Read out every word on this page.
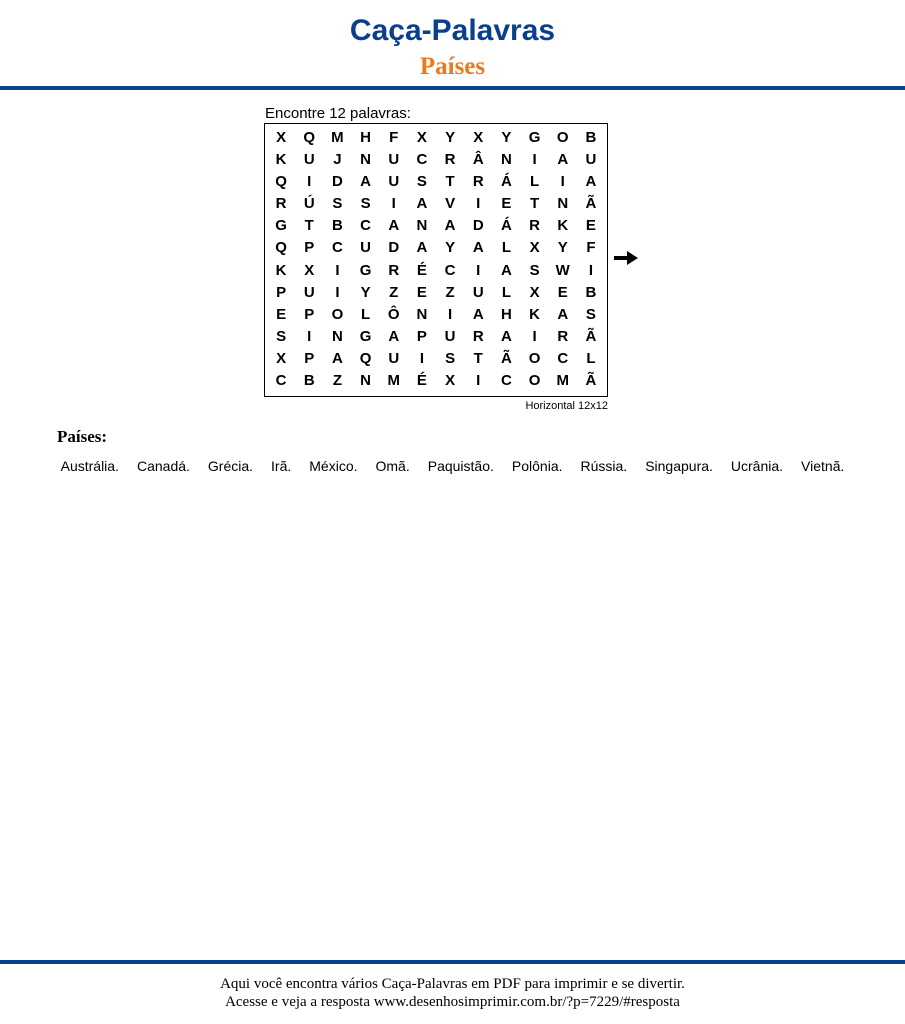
Caça-Palavras
Países
Encontre 12 palavras:
X	Q	M	H	F	X	Y	X	Y	G	O	B
K	U	J	N	U	C	R	Â	N	I	A	U
Q	I	D	A	U	S	T	R	Á	L	I	A
R	Ú	S	S	I	A	V	I	E	T	N	Ã
G	T	B	C	A	N	A	D	Á	R	K	E
Q	P	C	U	D	A	Y	A	L	X	Y	F
K	X	I	G	R	É	C	I	A	S	W	I
P	U	I	Y	Z	E	Z	U	L	X	E	B
E	P	O	L	Ô	N	I	A	H	K	A	S
S	I	N	G	A	P	U	R	A	I	R	Ã
X	P	A	Q	U	I	S	T	Ã	O	C	L
C	B	Z	N	M	É	X	I	C	O	M	Ã
Horizontal 12x12
Países:
Austrália. Canadá. Grécia. Irã. México. Omã. Paquistão. Polônia. Rússia. Singapura. Ucrânia. Vietnã.
Aqui você encontra vários Caça-Palavras em PDF para imprimir e se divertir.
Acesse e veja a resposta www.desenhosimprimir.com.br/?p=7229/#resposta
